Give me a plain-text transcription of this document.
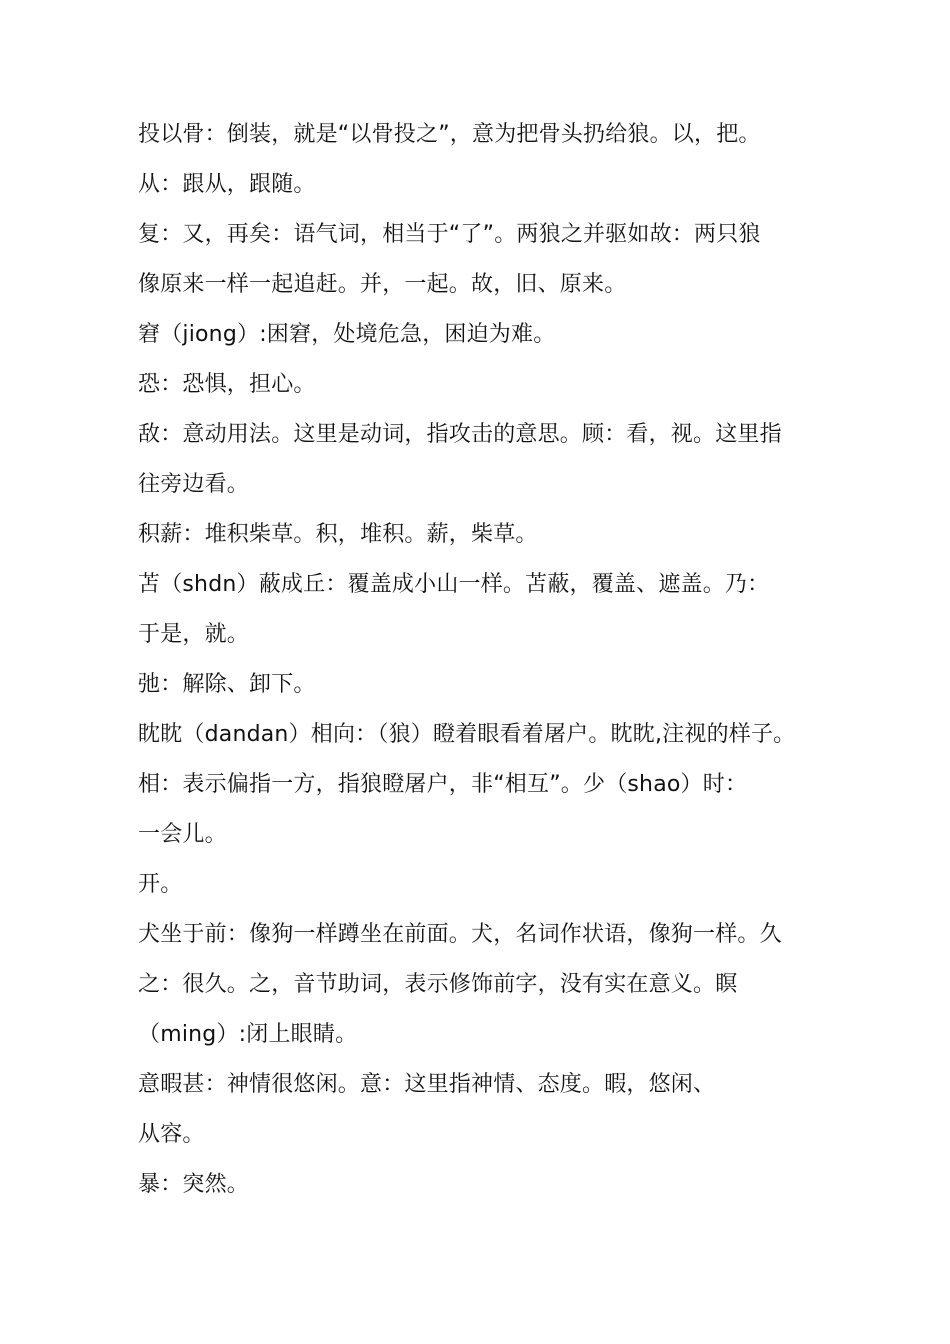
投以骨：倒装，就是“以骨投之”，意为把骨头扔给狼。以，把。
从：跟从，跟随。
复：又，再矣：语气词，相当于“了”。两狼之并驱如故：两只狼
像原来一样一起追赶。并，一起。故，旧、原来。
窘（jiong）:困窘，处境危急，困迫为难。
恐：恐惧，担心。
敌：意动用法。这里是动词，指攻击的意思。顾：看，视。这里指
往旁边看。
积薪：堆积柴草。积，堆积。薪，柴草。
苫（shdn）蔽成丘：覆盖成小山一样。苫蔽，覆盖、遮盖。乃：
于是，就。
弛：解除、卸下。
眈眈（dandan）相向：（狼）瞪着眼看着屠户。眈眈,注视的样子。
相：表示偏指一方，指狼瞪屠户，非“相互”。少（shao）时：
一会儿。
开。
犬坐于前：像狗一样蹲坐在前面。犬，名词作状语，像狗一样。久
之：很久。之，音节助词，表示修饰前字，没有实在意义。瞑
（ming）:闭上眼睛。
意暇甚：神情很悠闲。意：这里指神情、态度。暇，悠闲、
从容。
暴：突然。
